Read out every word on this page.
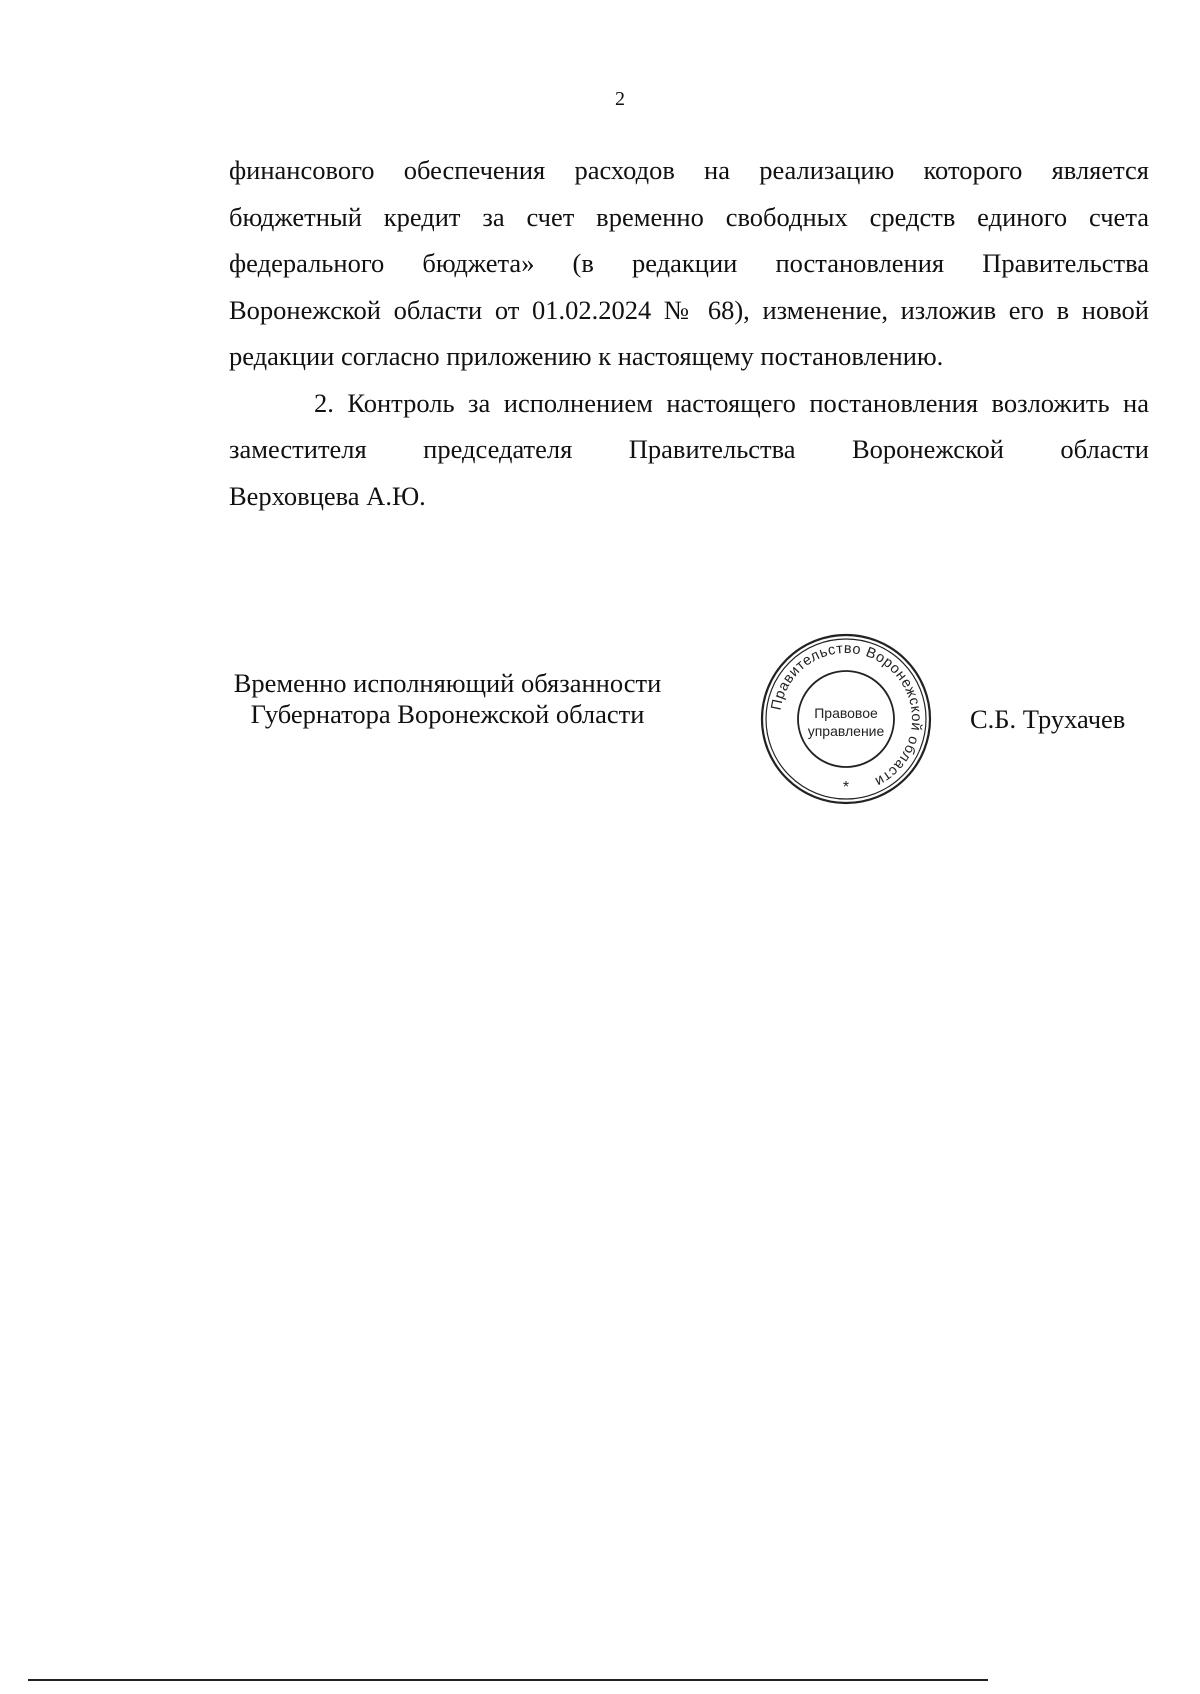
2
финансового обеспечения расходов на реализацию которого является
бюджетный кредит за счет временно свободных средств единого счета
федерального бюджета» (в редакции постановления Правительства
Воронежской области от 01.02.2024 № 68), изменение, изложив его в новой
редакции согласно приложению к настоящему постановлению.
2. Контроль за исполнением настоящего постановления возложить на
заместителя председателя Правительства Воронежской области
Верховцева А.Ю.
Временно исполняющий обязанности
Губернатора Воронежской области	Правительство Воронежской области
Правовое
управление
*
С.Б. Трухачев
